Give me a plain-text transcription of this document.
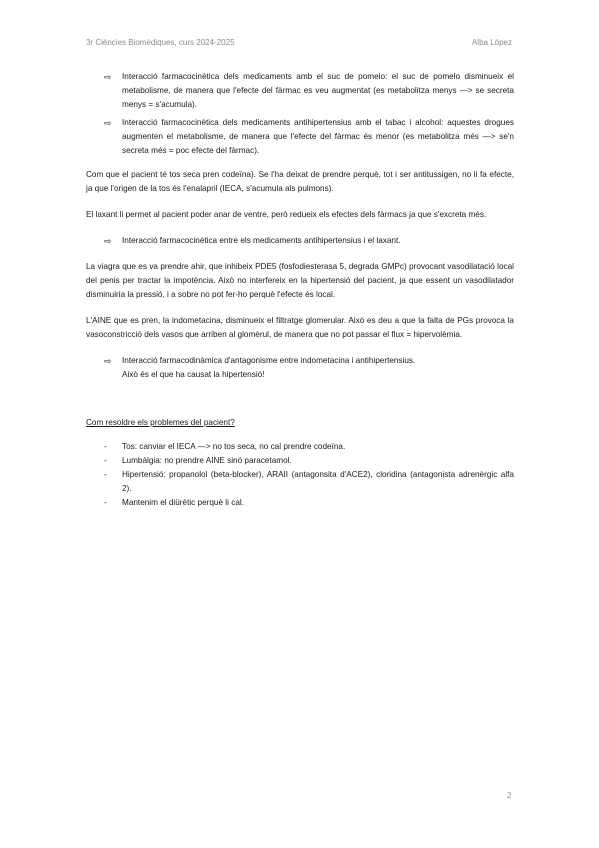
3r Ciències Biomèdiques, curs 2024-2025	Alba López
⇨ Interacció farmacocinètica dels medicaments amb el suc de pomelo: el suc de pomelo disminueix el metabolisme, de manera que l'efecte del fàrmac es veu augmentat (es metabolitza menys —> se secreta menys = s'acumula).
⇨ Interacció farmacocinètica dels medicaments antihipertensius amb el tabac i alcohol: aquestes drogues augmenten el metabolisme, de manera que l'efecte del fàrmac és menor (es metabolitza més —> se'n secreta més = poc efecte del fàrmac).

Com que el pacient té tos seca pren codeïna). Se l'ha deixat de prendre perquè, tot i ser antitussigen, no li fa efecte, ja que l'origen de la tos és l'enalapril (IECA, s'acumula als pulmons).

El laxant li permet al pacient poder anar de ventre, però redueix els efectes dels fàrmacs ja que s'excreta més.

⇨ Interacció farmacocinètica entre els medicaments antihipertensius i el laxant.

La viagra que es va prendre ahir, que inhibeix PDE5 (fosfodiesterasa 5, degrada GMPc) provocant vasodilatació local del penis per tractar la impotència. Això no interfereix en la hipertensió del pacient, ja que essent un vasodilatador disminuiria la pressió, i a sobre no pot fer-ho perquè l'efecte és local.

L'AINE que es pren, la indometacina, disminueix el filtratge glomerular. Això es deu a que la falta de PGs provoca la vasoconstricció dels vasos que arriben al glomèrul, de manera que no pot passar el flux = hipervolèmia.

⇨ Interacció farmacodinàmica d'antagonisme entre indometacina i antihipertensius.
Això és el que ha causat la hipertensió!
Com resoldre els problemes del pacient?
- Tos: canviar el IECA —> no tos seca, no cal prendre codeïna.
- Lumbàlgia: no prendre AINE sinó paracetamol.
- Hipertensió: propanolol (beta-blocker), ARAII (antagonsita d'ACE2), cloridina (antagonista adrenèrgic alfa 2).
- Mantenim el diürètic perquè li cal.
2
